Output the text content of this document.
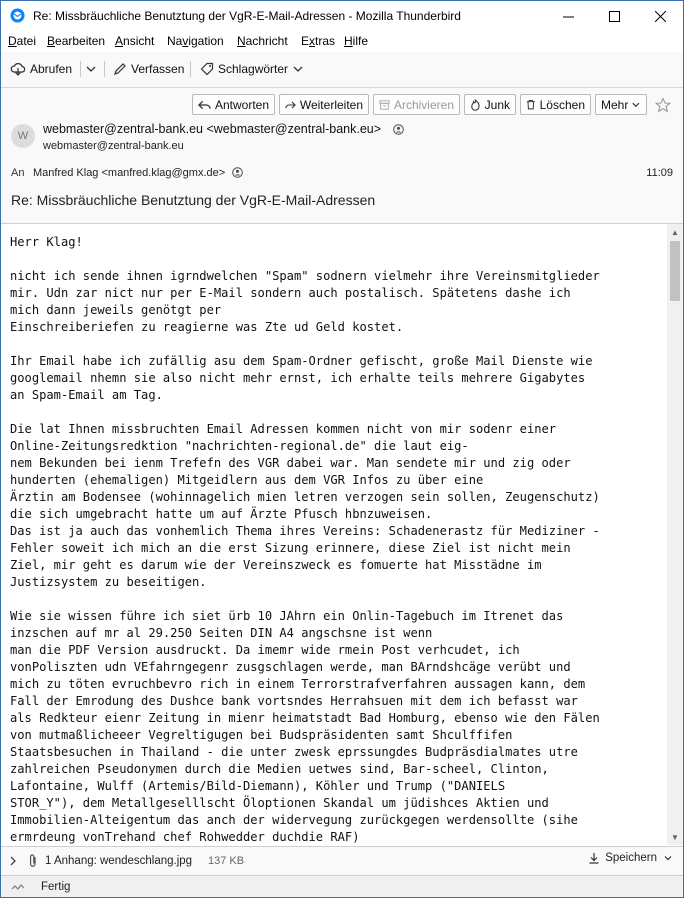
Re: Missbräuchliche Benutztung der VgR-E-Mail-Adressen - Mozilla Thunderbird
Datei Bearbeiten Ansicht Navigation Nachricht Extras Hilfe
Abrufen	Verfassen	Schlagwörter
Antworten	Weiterleiten	Archivieren	Junk Löschen Mehr
W webmaster@zentral-bank.eu <webmaster@zentral-bank.eu>
webmaster@zentral-bank.eu
An Manfred Klag <manfred.klag@gmx.de>	11:09
Re: Missbräuchliche Benutztung der VgR-E-Mail-Adressen
Herr Klag!

nicht ich sende ihnen igrndwelchen "Spam" sodnern vielmehr ihre Vereinsmitglieder
mir. Udn zar nict nur per E-Mail sondern auch postalisch. Spätetens dashe ich
mich dann jeweils genötgt per
Einschreiberiefen zu reagierne was Zte ud Geld kostet.

Ihr Email habe ich zufällig asu dem Spam-Ordner gefischt, große Mail Dienste wie
googlemail nhemn sie also nicht mehr ernst, ich erhalte teils mehrere Gigabytes
an Spam-Email am Tag.

Die lat Ihnen missbruchten Email Adressen kommen nicht von mir sodenr einer
Online-Zeitungsredktion "nachrichten-regional.de" die laut eig-
nem Bekunden bei ienm Trefefn des VGR dabei war. Man sendete mir und zig oder
hunderten (ehemaligen) Mitgeidlern aus dem VGR Infos zu über eine
Ärztin am Bodensee (wohinnagelich mien letren verzogen sein sollen, Zeugenschutz)
die sich umgebracht hatte um auf Ärzte Pfusch hbnzuweisen.
Das ist ja auch das vonhemlich Thema ihres Vereins: Schadenerastz für Mediziner -
Fehler soweit ich mich an die erst Sizung erinnere, diese Ziel ist nicht mein
Ziel, mir geht es darum wie der Vereinszweck es fomuerte hat Misstädne im
Justizsystem zu beseitigen.

Wie sie wissen führe ich siet ürb 10 JAhrn ein Onlin-Tagebuch im Itrenet das
inzschen auf mr al 29.250 Seiten DIN A4 angschsne ist wenn
man die PDF Version ausdruckt. Da imemr wide rmein Post verhcudet, ich
vonPoliszten udn VEfahrngegenr zusgschlagen werde, man BArndshcäge verübt und
mich zu töten evruchbevro rich in einem Terrorstrafverfahren aussagen kann, dem
Fall der Emrodung des Dushce bank vortsndes Herrahsuen mit dem ich befasst war
als Redkteur eienr Zeitung in mienr heimatstadt Bad Homburg, ebenso wie den Fälen
von mutmaßlicheeer Vegreltigugen bei Budspräsidenten samt Shculffifen
Staatsbesuchen in Thailand - die unter zwesk eprssungdes Budpräsdialmates utre
zahlreichen Pseudonymen durch die Medien uetwes sind, Bar-scheel, Clinton,
Lafontaine, Wulff (Artemis/Bild-Diemann), Köhler und Trump ("DANIELS
STOR_Y"), dem Metallgeselllscht Öloptionen Skandal um jüdishces Aktien und
Immobilien-Alteigentum das anch der widervegung zurückgegen werdensollte (sihe
ermrdeung vonTrehand chef Rohwedder duchdie RAF)
▲
▼
1 Anhang: wendeschlang.jpg 137 KB	Speichern
Fertig
